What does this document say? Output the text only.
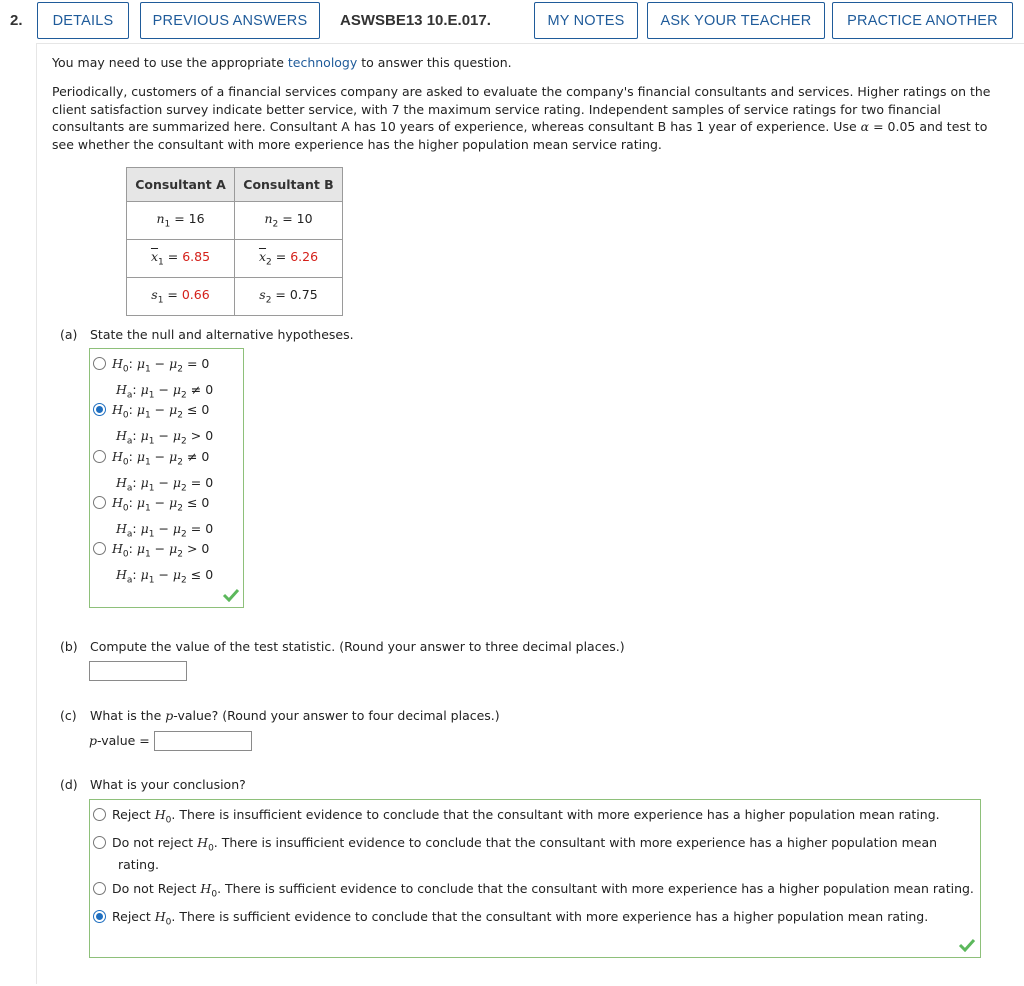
2.	DETAILS	PREVIOUS ANSWERS	ASWSBE13 10.E.017.	MY NOTES	ASK YOUR TEACHER	PRACTICE ANOTHER
You may need to use the appropriate technology to answer this question.
Periodically, customers of a financial services company are asked to evaluate the company's financial consultants and services. Higher ratings on the client satisfaction survey indicate better service, with 7 the maximum service rating. Independent samples of service ratings for two financial consultants are summarized here. Consultant A has 10 years of experience, whereas consultant B has 1 year of experience. Use α = 0.05 and test to see whether the consultant with more experience has the higher population mean service rating.
Consultant A	Consultant B
$n_1 = 16$	$n_2 = 10$
$\overline{x}_1 = 6.85$	$\overline{x}_2 = 6.26$
$s_1 = 0.66$	$s_2 = 0.75$
(a) State the null and alternative hypotheses.
$H_0$: $\mu_1 - \mu_2 = 0$
$H_a$: $\mu_1 - \mu_2 \ne 0$
$H_0$: $\mu_1 - \mu_2 \le 0$
$H_a$: $\mu_1 - \mu_2 > 0$
$H_0$: $\mu_1 - \mu_2 \ne 0$
$H_a$: $\mu_1 - \mu_2 = 0$
$H_0$: $\mu_1 - \mu_2 \le 0$
$H_a$: $\mu_1 - \mu_2 = 0$
$H_0$: $\mu_1 - \mu_2 > 0$
$H_a$: $\mu_1 - \mu_2 \le 0$
(b) Compute the value of the test statistic. (Round your answer to three decimal places.)
(c) What is the p-value? (Round your answer to four decimal places.)
p-value =
(d) What is your conclusion?
Reject $H_0$. There is insufficient evidence to conclude that the consultant with more experience has a higher population mean rating.
Do not reject $H_0$. There is insufficient evidence to conclude that the consultant with more experience has a higher population mean
rating.
Do not Reject $H_0$. There is sufficient evidence to conclude that the consultant with more experience has a higher population mean rating.
Reject $H_0$. There is sufficient evidence to conclude that the consultant with more experience has a higher population mean rating.
